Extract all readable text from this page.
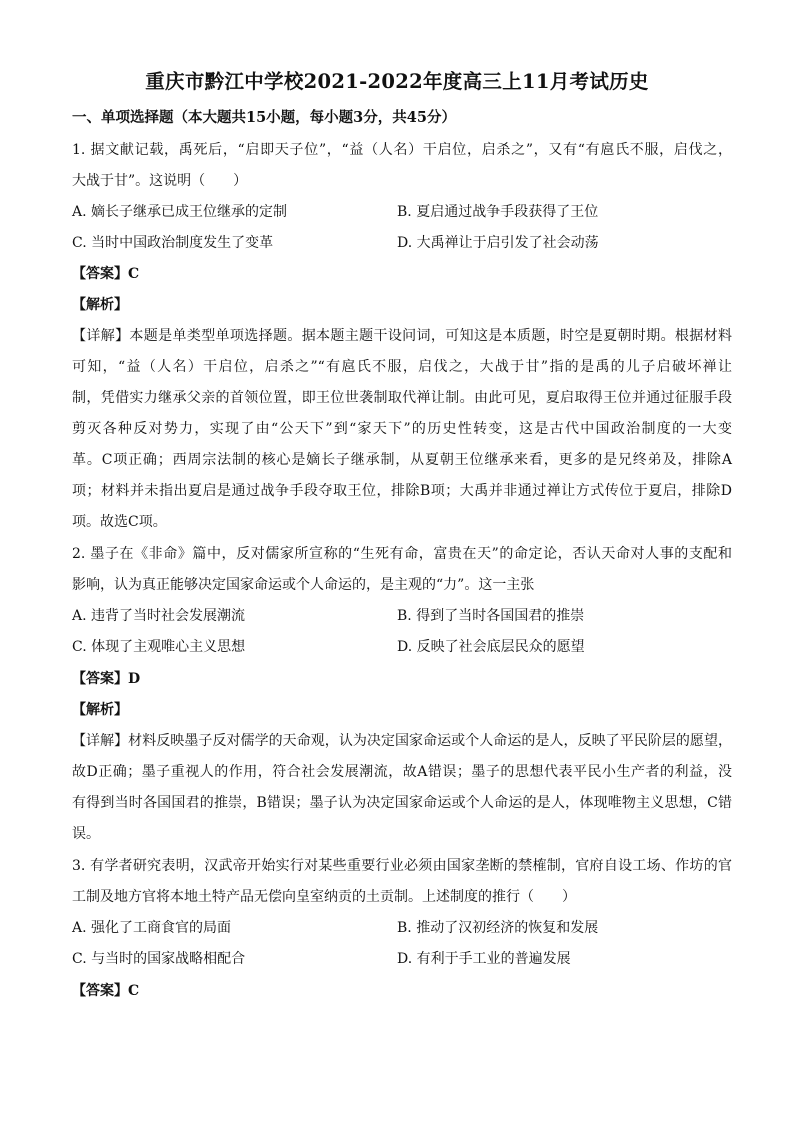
重庆市黔江中学校2021-2022年度高三上11月考试历史
一、单项选择题（本大题共15小题，每小题3分，共45分）
1. 据文献记载，禹死后，“启即天子位”，“益（人名）干启位，启杀之”，又有“有扈氏不服，启伐之，
大战于甘”。这说明（　　）
A. 嫡长子继承已成王位继承的定制	B. 夏启通过战争手段获得了王位
C. 当时中国政治制度发生了变革	D. 大禹禅让于启引发了社会动荡
【答案】C
【解析】
【详解】本题是单类型单项选择题。据本题主题干设问词，可知这是本质题，时空是夏朝时期。根据材料
可知，“益（人名）干启位，启杀之”“有扈氏不服，启伐之，大战于甘”指的是禹的儿子启破坏禅让
制，凭借实力继承父亲的首领位置，即王位世袭制取代禅让制。由此可见，夏启取得王位并通过征服手段
剪灭各种反对势力，实现了由“公天下”到“家天下”的历史性转变，这是古代中国政治制度的一大变
革。C项正确；西周宗法制的核心是嫡长子继承制，从夏朝王位继承来看，更多的是兄终弟及，排除A
项；材料并未指出夏启是通过战争手段夺取王位，排除B项；大禹并非通过禅让方式传位于夏启，排除D
项。故选C项。
2. 墨子在《非命》篇中，反对儒家所宣称的“生死有命，富贵在天”的命定论，否认天命对人事的支配和
影响，认为真正能够决定国家命运或个人命运的，是主观的“力”。这一主张
A. 违背了当时社会发展潮流	B. 得到了当时各国国君的推崇
C. 体现了主观唯心主义思想	D. 反映了社会底层民众的愿望
【答案】D
【解析】
【详解】材料反映墨子反对儒学的天命观，认为决定国家命运或个人命运的是人，反映了平民阶层的愿望，
故D正确；墨子重视人的作用，符合社会发展潮流，故A错误；墨子的思想代表平民小生产者的利益，没
有得到当时各国国君的推崇，B错误；墨子认为决定国家命运或个人命运的是人，体现唯物主义思想，C错
误。
3. 有学者研究表明，汉武帝开始实行对某些重要行业必须由国家垄断的禁榷制，官府自设工场、作坊的官
工制及地方官将本地土特产品无偿向皇室纳贡的土贡制。上述制度的推行（　　）
A. 强化了工商食官的局面	B. 推动了汉初经济的恢复和发展
C. 与当时的国家战略相配合	D. 有利于手工业的普遍发展
【答案】C
